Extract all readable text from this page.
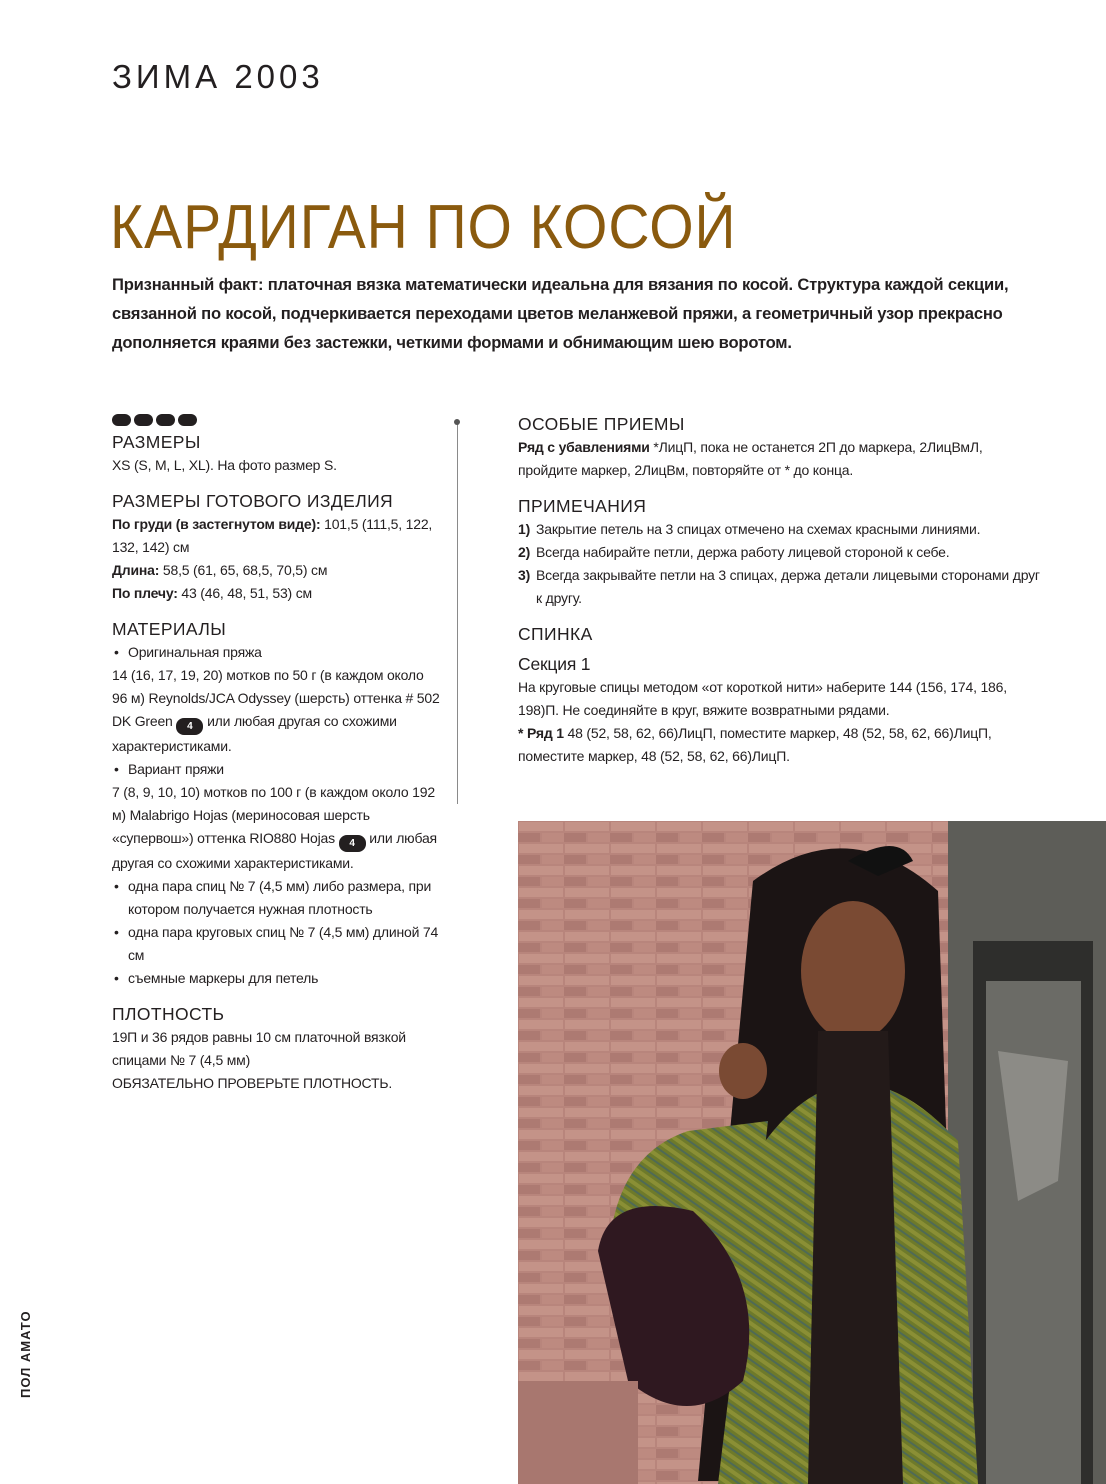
ЗИМА 2003
КАРДИГАН ПО КОСОЙ

Признанный факт: платочная вязка математически идеальна для вязания по косой. Структура каждой секции, связанной по косой, подчеркивается переходами цветов меланжевой пряжи, а геометричный узор прекрасно дополняется краями без застежки, четкими формами и обнимающим шею воротом.

РАЗМЕРЫ

XS (S, M, L, XL). На фото размер S.

РАЗМЕРЫ ГОТОВОГО ИЗДЕЛИЯ

По груди (в застегнутом виде): 101,5 (111,5, 122, 132, 142) см

Длина: 58,5 (61, 65, 68,5, 70,5) см

По плечу: 43 (46, 48, 51, 53) см

МАТЕРИАЛЫ

• Оригинальная пряжа

14 (16, 17, 19, 20) мотков по 50 г (в каждом около 96 м) Reynolds/JCA Odyssey (шерсть) оттенка # 502 DK Green 4 или любая другая со схожими характеристиками.

• Вариант пряжи

7 (8, 9, 10, 10) мотков по 100 г (в каждом около 192 м) Malabrigo Hojas (мериносовая шерсть «супервош») оттенка RIO880 Hojas 4 или любая другая со схожими характеристиками.

• одна пара спиц № 7 (4,5 мм) либо размера, при котором получается нужная плотность

• одна пара круговых спиц № 7 (4,5 мм) длиной 74 см

• съемные маркеры для петель

ПЛОТНОСТЬ

19П и 36 рядов равны 10 см платочной вязкой спицами № 7 (4,5 мм)

ОБЯЗАТЕЛЬНО ПРОВЕРЬТЕ ПЛОТНОСТЬ.

ОСОБЫЕ ПРИЕМЫ

Ряд с убавлениями *ЛицП, пока не останется 2П до маркера, 2ЛицВмЛ, пройдите маркер, 2ЛицВм, повторяйте от * до конца.

ПРИМЕЧАНИЯ

1) Закрытие петель на 3 спицах отмечено на схемах красными линиями.

2) Всегда набирайте петли, держа работу лицевой стороной к себе.

3) Всегда закрывайте петли на 3 спицах, держа детали лицевыми сторонами друг к другу.

СПИНКА
Секция 1

На круговые спицы методом «от короткой нити» наберите 144 (156, 174, 186, 198)П. Не соединяйте в круг, вяжите возвратными рядами.

* Ряд 1 48 (52, 58, 62, 66)ЛицП, поместите маркер, 48 (52, 58, 62, 66)ЛицП, поместите маркер, 48 (52, 58, 62, 66)ЛицП.

ПОЛ АМАТО
